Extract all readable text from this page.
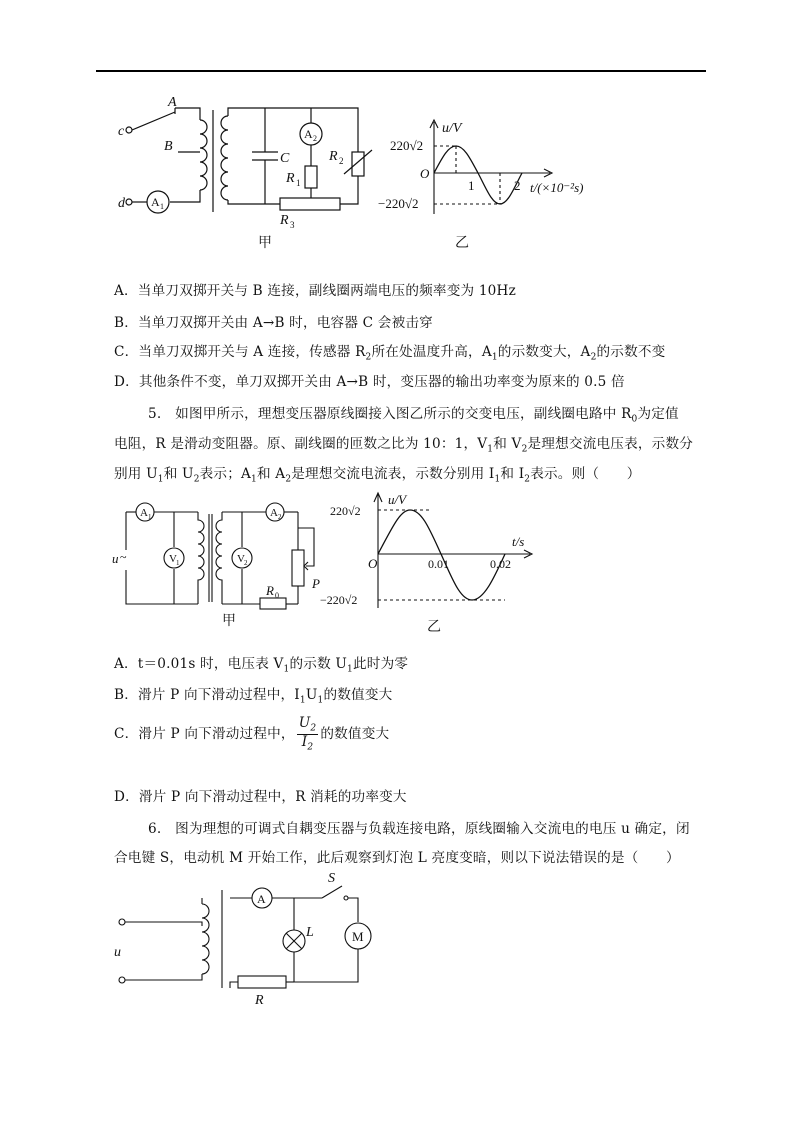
c
d
A
B
C
A 1
A 2
R 1
R 2
R 3
甲
u/V
t/(×10⁻²s)
O
1	2
220√2
−220√2
乙
A．当单刀双掷开关与 B 连接，副线圈两端电压的频率变为 10Hz
B．当单刀双掷开关由 A→B 时，电容器 C 会被击穿
C．当单刀双掷开关与 A 连接，传感器 $R_2$所在处温度升高，$A_1$的示数变大，$A_2$的示数不变
D．其他条件不变，单刀双掷开关由 A→B 时，变压器的输出功率变为原来的 0.5 倍
5.　如图甲所示，理想变压器原线圈接入图乙所示的交变电压，副线圈电路中 $R_0$为定值
电阻，R 是滑动变阻器。原、副线圈的匝数之比为 10：1，$V_1$和 $V_2$是理想交流电压表，示数分
别用 $U_1$和 $U_2$表示；$A_1$和 $A_2$是理想交流电流表，示数分别用 $I_1$和 $I_2$表示。则（　　）
A 1	A 2
V 1	V 2
u ~
R 0
P
甲
u/V
t/s
O	0.01	0.02
220√2
−220√2
乙
A．t＝0.01s 时，电压表 $V_1$的示数 $U_1$此时为零
B．滑片 P 向下滑动过程中，$I_1U_1$的数值变大
C．滑片 P 向下滑动过程中， $\frac{U_2}{I_2}$ 的数值变大
D．滑片 P 向下滑动过程中，R 消耗的功率变大
6.　图为理想的可调式自耦变压器与负载连接电路，原线圈输入交流电的电压 u 确定，闭
合电键 S，电动机 M 开始工作，此后观察到灯泡 L 亮度变暗，则以下说法错误的是（　　）
u
A
S
L	M
R
